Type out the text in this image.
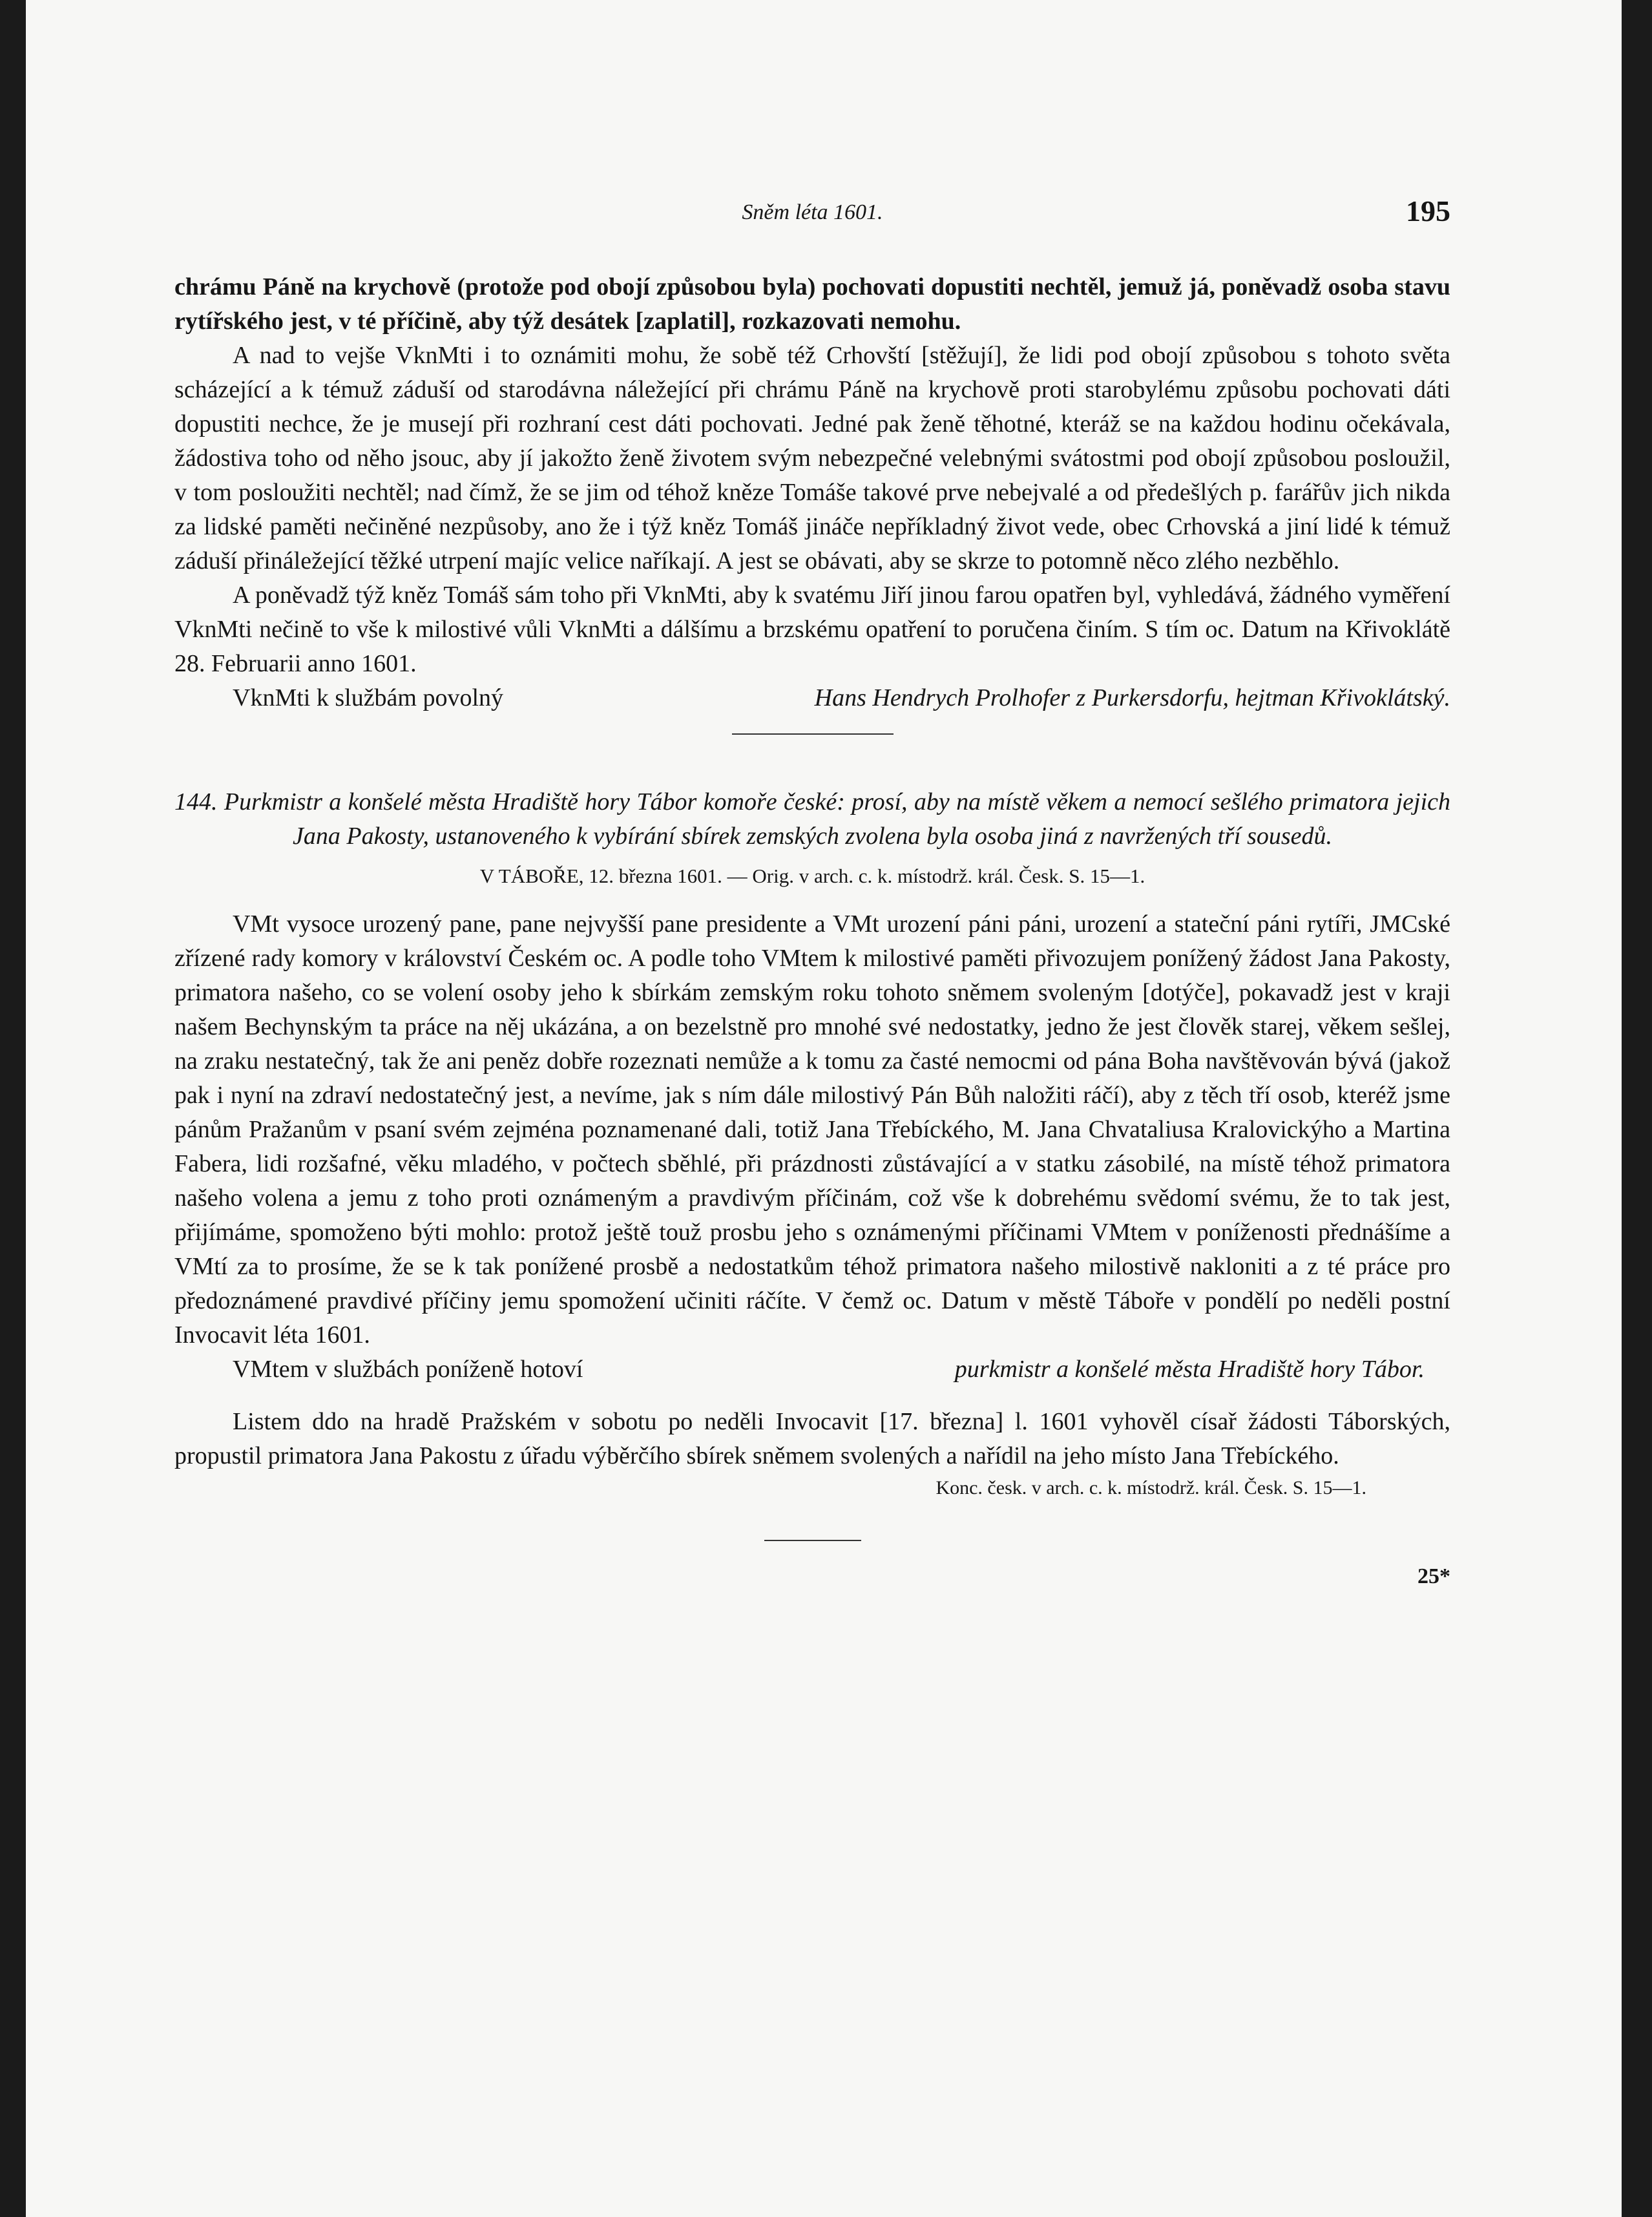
Sněm léta 1601.	195

chrámu Páně na krychově (protože pod obojí způsobou byla) pochovati dopustiti nechtěl, jemuž já, poněvadž osoba stavu rytířského jest, v té příčině, aby týž desátek [zaplatil], rozkazovati nemohu.

A nad to vejše VknMti i to oznámiti mohu, že sobě též Crhovští [stěžují], že lidi pod obojí způsobou s tohoto světa scházející a k témuž záduší od starodávna náležející při chrámu Páně na krychově proti starobylému způsobu pochovati dáti dopustiti nechce, že je musejí při rozhraní cest dáti pochovati. Jedné pak ženě těhotné, kteráž se na každou hodinu očekávala, žádostiva toho od něho jsouc, aby jí jakožto ženě životem svým nebezpečné velebnými svátostmi pod obojí způsobou posloužil, v tom posloužiti nechtěl; nad čímž, že se jim od téhož kněze Tomáše takové prve nebejvalé a od předešlých p. farářův jich nikda za lidské paměti nečiněné nezpůsoby, ano že i týž kněz Tomáš jináče nepříkladný život vede, obec Crhovská a jiní lidé k témuž záduší přináležející těžké utrpení majíc velice naříkají. A jest se obávati, aby se skrze to potomně něco zlého nezběhlo.

A poněvadž týž kněz Tomáš sám toho při VknMti, aby k svatému Jiří jinou farou opatřen byl, vyhledává, žádného vyměření VknMti nečině to vše k milostivé vůli VknMti a dálšímu a brzskému opatření to poručena činím. S tím oc. Datum na Křivoklátě 28. Februarii anno 1601.

VknMti k službám povolný	Hans Hendrych Prolhofer z Purkersdorfu, hejtman Křivoklátský.
144. Purkmistr a konšelé města Hradiště hory Tábor komoře české: prosí, aby na místě věkem a nemocí sešlého primatora jejich Jana Pakosty, ustanoveného k vybírání sbírek zemských zvolena byla osoba jiná z navržených tří sousedů.
V TÁBOŘE, 12. března 1601. — Orig. v arch. c. k. místodrž. král. Česk. S. 15—1.

VMt vysoce urozený pane, pane nejvyšší pane presidente a VMt urození páni páni, urození a stateční páni rytíři, JMCské zřízené rady komory v království Českém oc. A podle toho VMtem k milostivé paměti přivozujem ponížený žádost Jana Pakosty, primatora našeho, co se volení osoby jeho k sbírkám zemským roku tohoto sněmem svoleným [dotýče], pokavadž jest v kraji našem Bechynským ta práce na něj ukázána, a on bezelstně pro mnohé své nedostatky, jedno že jest člověk starej, věkem sešlej, na zraku nestatečný, tak že ani peněz dobře rozeznati nemůže a k tomu za časté nemocmi od pána Boha navštěvován bývá (jakož pak i nyní na zdraví nedostatečný jest, a nevíme, jak s ním dále milostivý Pán Bůh naložiti ráčí), aby z těch tří osob, kteréž jsme pánům Pražanům v psaní svém zejména poznamenané dali, totiž Jana Třebíckého, M. Jana Chvataliusa Kralovickýho a Martina Fabera, lidi rozšafné, věku mladého, v počtech sběhlé, při prázdnosti zůstávající a v statku zásobilé, na místě téhož primatora našeho volena a jemu z toho proti oznámeným a pravdivým příčinám, což vše k dobrehému svědomí svému, že to tak jest, přijímáme, spomoženo býti mohlo: protož ještě touž prosbu jeho s oznámenými příčinami VMtem v poníženosti přednášíme a VMtí za to prosíme, že se k tak ponížené prosbě a nedostatkům téhož primatora našeho milostivě nakloniti a z té práce pro předoznámené pravdivé příčiny jemu spomožení učiniti ráčíte. V čemž oc. Datum v městě Táboře v pondělí po neděli postní Invocavit léta 1601.

VMtem v službách poníženě hotoví	purkmistr a konšelé města Hradiště hory Tábor.

Listem ddo na hradě Pražském v sobotu po neděli Invocavit [17. března] l. 1601 vyhověl císař žádosti Táborských, propustil primatora Jana Pakostu z úřadu výběrčího sbírek sněmem svolených a nařídil na jeho místo Jana Třebíckého.

Konc. česk. v arch. c. k. místodrž. král. Česk. S. 15—1.
25*
